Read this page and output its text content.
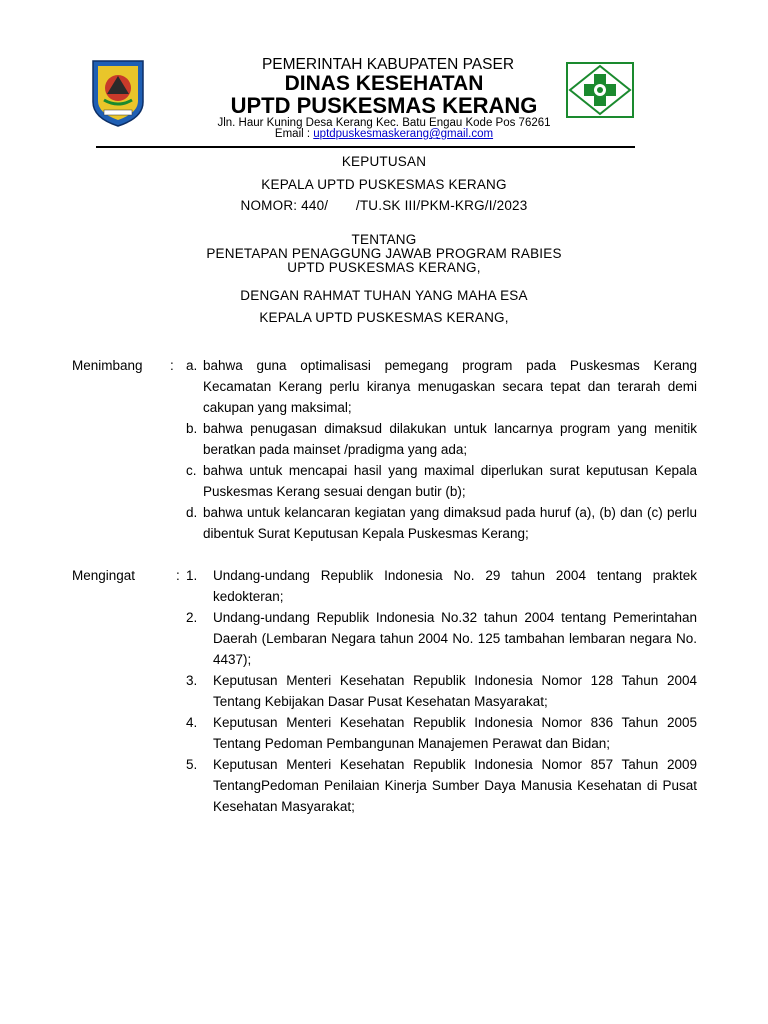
PEMERINTAH KABUPATEN PASER
DINAS KESEHATAN
UPTD PUSKESMAS KERANG
Jln. Haur Kuning Desa Kerang Kec. Batu Engau Kode Pos 76261
Email : uptdpuskesmaskerang@gmail.com
KEPUTUSAN
KEPALA UPTD PUSKESMAS KERANG
NOMOR: 440/       /TU.SK III/PKM-KRG/I/2023
TENTANG
PENETAPAN PENAGGUNG JAWAB PROGRAM RABIES
UPTD PUSKESMAS KERANG,
DENGAN RAHMAT TUHAN YANG MAHA ESA
KEPALA UPTD PUSKESMAS KERANG,
Menimbang : a. bahwa guna optimalisasi pemegang program pada Puskesmas Kerang Kecamatan Kerang perlu kiranya menugaskan secara tepat dan terarah demi cakupan yang maksimal;
b. bahwa penugasan dimaksud dilakukan untuk lancarnya program yang menitik beratkan pada mainset /pradigma yang ada;
c. bahwa untuk mencapai hasil yang maximal diperlukan surat keputusan Kepala Puskesmas Kerang sesuai dengan butir (b);
d. bahwa untuk kelancaran kegiatan yang dimaksud pada huruf (a), (b) dan (c) perlu dibentuk Surat Keputusan Kepala Puskesmas Kerang;
Mengingat	: 1. Undang-undang Republik Indonesia No. 29 tahun 2004 tentang praktek kedokteran;
2. Undang-undang Republik Indonesia No.32 tahun 2004 tentang Pemerintahan Daerah (Lembaran Negara tahun 2004 No. 125 tambahan lembaran negara No. 4437);
3. Keputusan Menteri Kesehatan Republik Indonesia Nomor 128 Tahun 2004 Tentang Kebijakan Dasar Pusat Kesehatan Masyarakat;
4. Keputusan Menteri Kesehatan Republik Indonesia Nomor 836 Tahun 2005 Tentang Pedoman Pembangunan Manajemen Perawat dan Bidan;
5. Keputusan Menteri Kesehatan Republik Indonesia Nomor 857 Tahun 2009 TentangPedoman Penilaian Kinerja Sumber Daya Manusia Kesehatan di Pusat Kesehatan Masyarakat;
